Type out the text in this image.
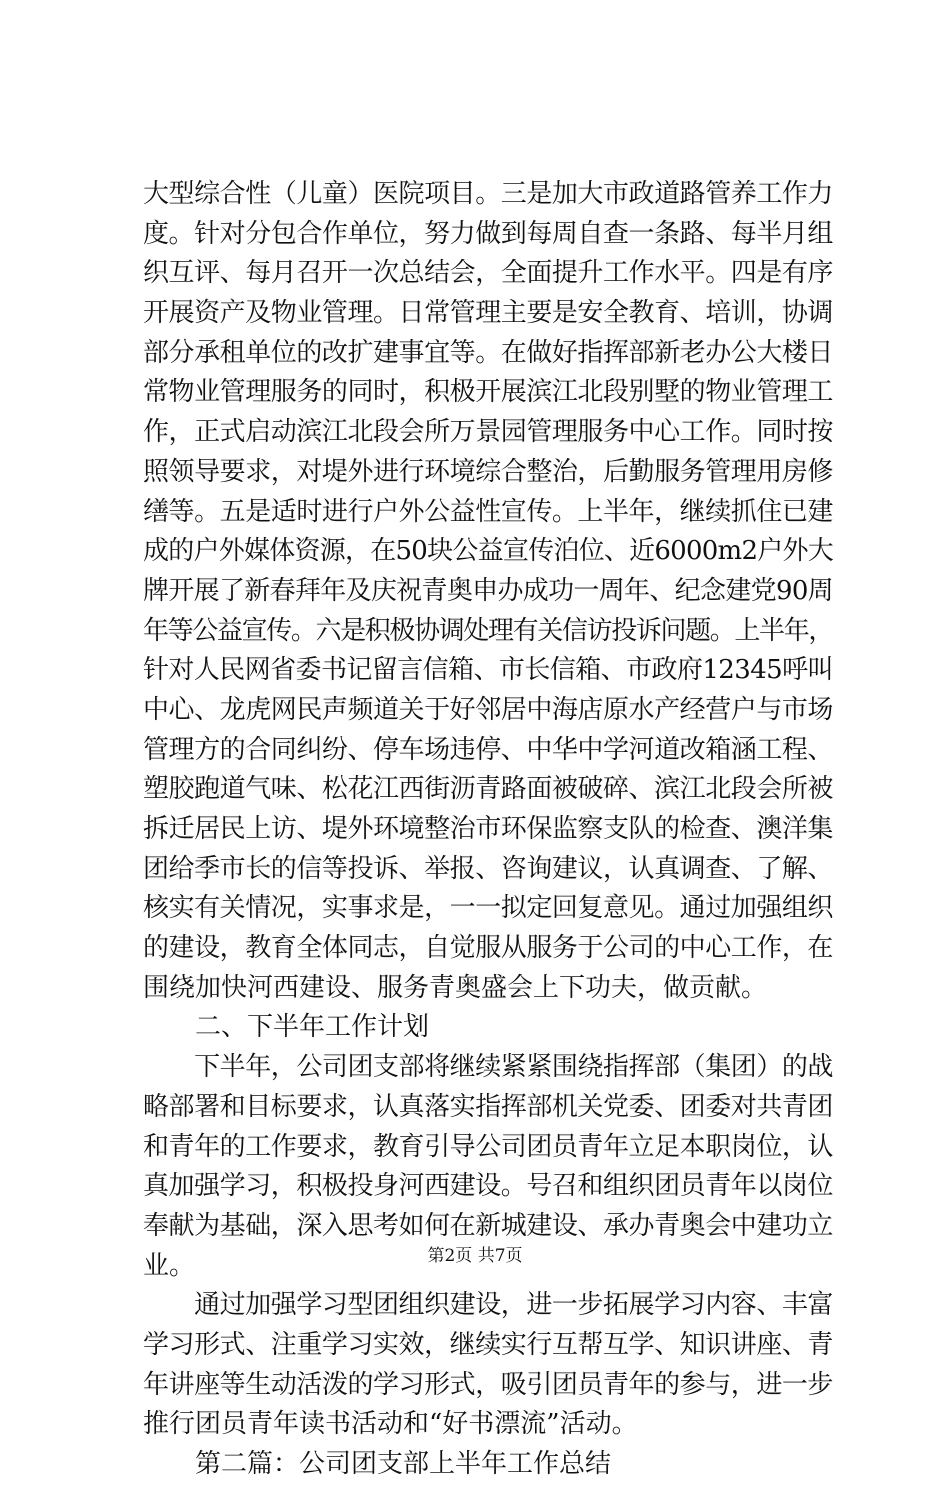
大型综合性（儿童）医院项目。三是加大市政道路管养工作力
度。针对分包合作单位，努力做到每周自查一条路、每半月组
织互评、每月召开一次总结会，全面提升工作水平。四是有序
开展资产及物业管理。日常管理主要是安全教育、培训，协调
部分承租单位的改扩建事宜等。在做好指挥部新老办公大楼日
常物业管理服务的同时，积极开展滨江北段别墅的物业管理工
作，正式启动滨江北段会所万景园管理服务中心工作。同时按
照领导要求，对堤外进行环境综合整治，后勤服务管理用房修
缮等。五是适时进行户外公益性宣传。上半年，继续抓住已建
成的户外媒体资源，在50块公益宣传泊位、近6000m2户外大
牌开展了新春拜年及庆祝青奥申办成功一周年、纪念建党90周
年等公益宣传。六是积极协调处理有关信访投诉问题。上半年，
针对人民网省委书记留言信箱、市长信箱、市政府12345呼叫
中心、龙虎网民声频道关于好邻居中海店原水产经营户与市场
管理方的合同纠纷、停车场违停、中华中学河道改箱涵工程、
塑胶跑道气味、松花江西街沥青路面被破碎、滨江北段会所被
拆迁居民上访、堤外环境整治市环保监察支队的检查、澳洋集
团给季市长的信等投诉、举报、咨询建议，认真调查、了解、
核实有关情况，实事求是，一一拟定回复意见。通过加强组织
的建设，教育全体同志，自觉服从服务于公司的中心工作，在
围绕加快河西建设、服务青奥盛会上下功夫，做贡献。
　　二、下半年工作计划
　　下半年，公司团支部将继续紧紧围绕指挥部（集团）的战
略部署和目标要求，认真落实指挥部机关党委、团委对共青团
和青年的工作要求，教育引导公司团员青年立足本职岗位，认
真加强学习，积极投身河西建设。号召和组织团员青年以岗位
奉献为基础，深入思考如何在新城建设、承办青奥会中建功立
业。
　　通过加强学习型团组织建设，进一步拓展学习内容、丰富
学习形式、注重学习实效，继续实行互帮互学、知识讲座、青
年讲座等生动活泼的学习形式，吸引团员青年的参与，进一步
推行团员青年读书活动和“好书漂流”活动。
　　第二篇：公司团支部上半年工作总结
第2页 共7页
